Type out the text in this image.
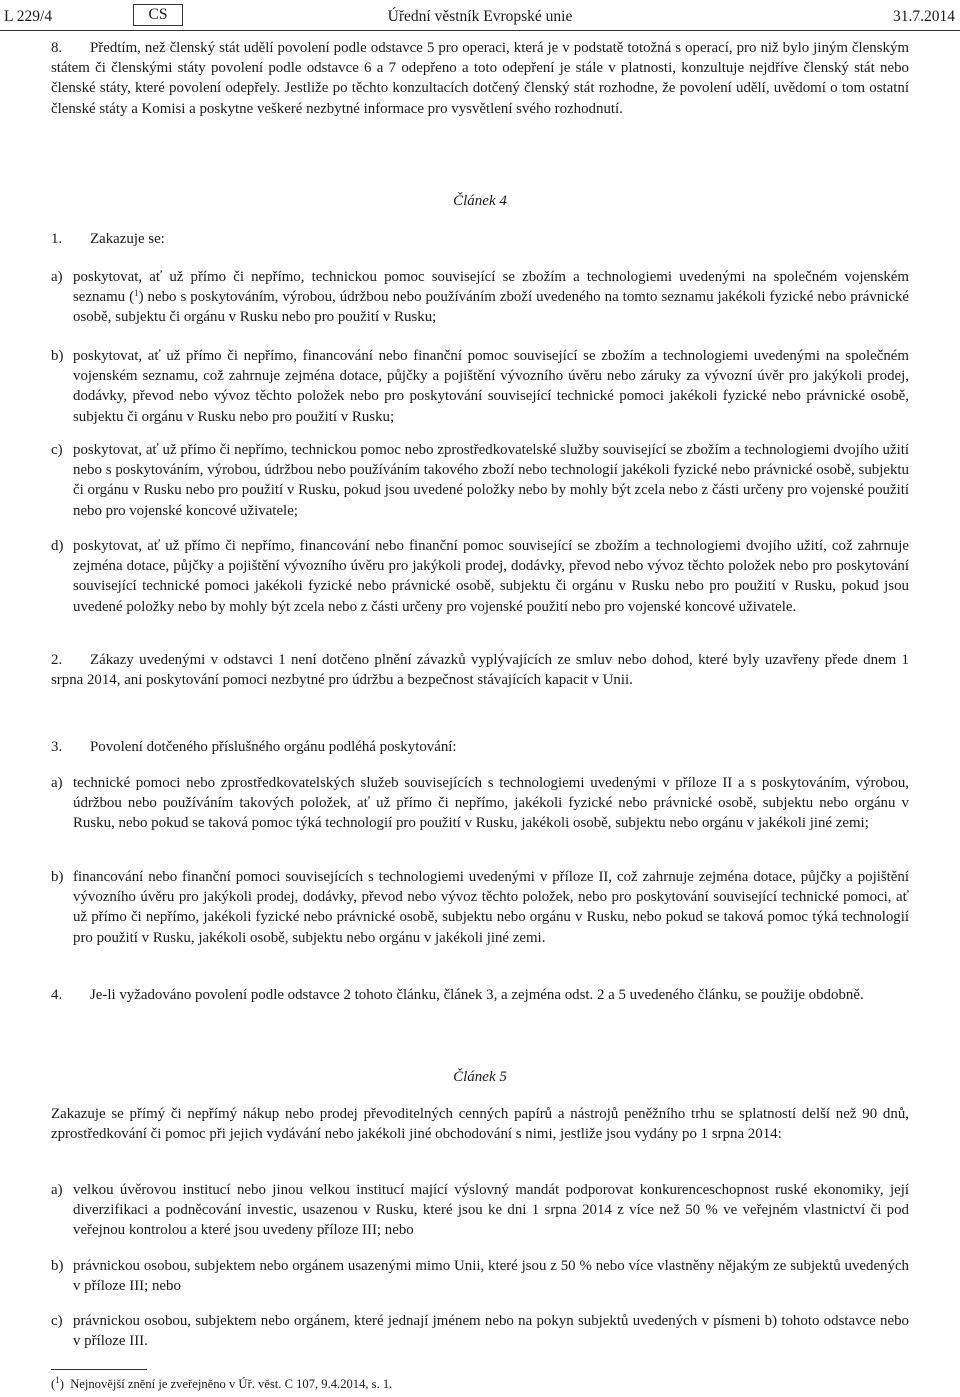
L 229/4	CS	Úřední věstník Evropské unie	31.7.2014

8. Předtím, než členský stát udělí povolení podle odstavce 5 pro operaci, která je v podstatě totožná s operací, pro niž bylo jiným členským státem či členskými státy povolení podle odstavce 6 a 7 odepřeno a toto odepření je stále v platnosti, konzultuje nejdříve členský stát nebo členské státy, které povolení odepřely. Jestliže po těchto konzultacích dotčený členský stát rozhodne, že povolení udělí, uvědomí o tom ostatní členské státy a Komisi a poskytne veškeré nezbytné informace pro vysvětlení svého rozhodnutí.

Článek 4

1. Zakazuje se:

a) poskytovat, ať už přímo či nepřímo, technickou pomoc související se zbožím a technologiemi uvedenými na společném vojenském seznamu ($^1$) nebo s poskytováním, výrobou, údržbou nebo používáním zboží uvedeného na tomto seznamu jakékoli fyzické nebo právnické osobě, subjektu či orgánu v Rusku nebo pro použití v Rusku;
b) poskytovat, ať už přímo či nepřímo, financování nebo finanční pomoc související se zbožím a technologiemi uvedenými na společném vojenském seznamu, což zahrnuje zejména dotace, půjčky a pojištění vývozního úvěru nebo záruky za vývozní úvěr pro jakýkoli prodej, dodávky, převod nebo vývoz těchto položek nebo pro poskytování související technické pomoci jakékoli fyzické nebo právnické osobě, subjektu či orgánu v Rusku nebo pro použití v Rusku;
c) poskytovat, ať už přímo či nepřímo, technickou pomoc nebo zprostředkovatelské služby související se zbožím a technologiemi dvojího užití nebo s poskytováním, výrobou, údržbou nebo používáním takového zboží nebo technologií jakékoli fyzické nebo právnické osobě, subjektu či orgánu v Rusku nebo pro použití v Rusku, pokud jsou uvedené položky nebo by mohly být zcela nebo z části určeny pro vojenské použití nebo pro vojenské koncové uživatele;
d) poskytovat, ať už přímo či nepřímo, financování nebo finanční pomoc související se zbožím a technologiemi dvojího užití, což zahrnuje zejména dotace, půjčky a pojištění vývozního úvěru pro jakýkoli prodej, dodávky, převod nebo vývoz těchto položek nebo pro poskytování související technické pomoci jakékoli fyzické nebo právnické osobě, subjektu či orgánu v Rusku nebo pro použití v Rusku, pokud jsou uvedené položky nebo by mohly být zcela nebo z části určeny pro vojenské použití nebo pro vojenské koncové uživatele.

2. Zákazy uvedenými v odstavci 1 není dotčeno plnění závazků vyplývajících ze smluv nebo dohod, které byly uzavřeny přede dnem 1 srpna 2014, ani poskytování pomoci nezbytné pro údržbu a bezpečnost stávajících kapacit v Unii.

3. Povolení dotčeného příslušného orgánu podléhá poskytování:

a) technické pomoci nebo zprostředkovatelských služeb souvisejících s technologiemi uvedenými v příloze II a s poskytováním, výrobou, údržbou nebo používáním takových položek, ať už přímo či nepřímo, jakékoli fyzické nebo právnické osobě, subjektu nebo orgánu v Rusku, nebo pokud se taková pomoc týká technologií pro použití v Rusku, jakékoli osobě, subjektu nebo orgánu v jakékoli jiné zemi;
b) financování nebo finanční pomoci souvisejících s technologiemi uvedenými v příloze II, což zahrnuje zejména dotace, půjčky a pojištění vývozního úvěru pro jakýkoli prodej, dodávky, převod nebo vývoz těchto položek, nebo pro poskytování související technické pomoci, ať už přímo či nepřímo, jakékoli fyzické nebo právnické osobě, subjektu nebo orgánu v Rusku, nebo pokud se taková pomoc týká technologií pro použití v Rusku, jakékoli osobě, subjektu nebo orgánu v jakékoli jiné zemi.

4. Je-li vyžadováno povolení podle odstavce 2 tohoto článku, článek 3, a zejména odst. 2 a 5 uvedeného článku, se použije obdobně.

Článek 5

Zakazuje se přímý či nepřímý nákup nebo prodej převoditelných cenných papírů a nástrojů peněžního trhu se splatností delší než 90 dnů, zprostředkování či pomoc při jejich vydávání nebo jakékoli jiné obchodování s nimi, jestliže jsou vydány po 1 srpna 2014:

a) velkou úvěrovou institucí nebo jinou velkou institucí mající výslovný mandát podporovat konkurenceschopnost ruské ekonomiky, její diverzifikaci a podněcování investic, usazenou v Rusku, které jsou ke dni 1 srpna 2014 z více než 50 % ve veřejném vlastnictví či pod veřejnou kontrolou a které jsou uvedeny příloze III; nebo
b) právnickou osobou, subjektem nebo orgánem usazenými mimo Unii, které jsou z 50 % nebo více vlastněny nějakým ze subjektů uvedených v příloze III; nebo
c) právnickou osobou, subjektem nebo orgánem, které jednají jménem nebo na pokyn subjektů uvedených v písmeni b) tohoto odstavce nebo v příloze III.

($^1$)  Nejnovější znění je zveřejněno v Úř. věst. C 107, 9.4.2014, s. 1.
